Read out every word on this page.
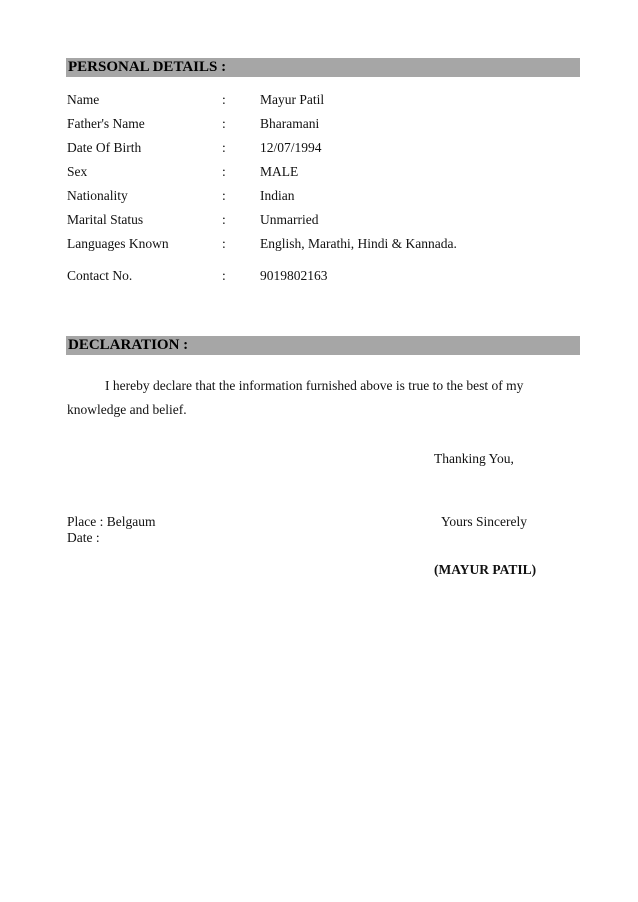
PERSONAL DETAILS :
Name	:	Mayur Patil
Father's Name	:	Bharamani
Date Of Birth	:	12/07/1994
Sex	:	MALE
Nationality	:	Indian
Marital Status	:	Unmarried
Languages Known	:	English, Marathi, Hindi & Kannada.
Contact No.	:	9019802163
DECLARATION :
I hereby declare that the information furnished above is true to the best of my
knowledge and belief.
Thanking You,
Place : Belgaum	Yours Sincerely
Date :
(MAYUR PATIL)
